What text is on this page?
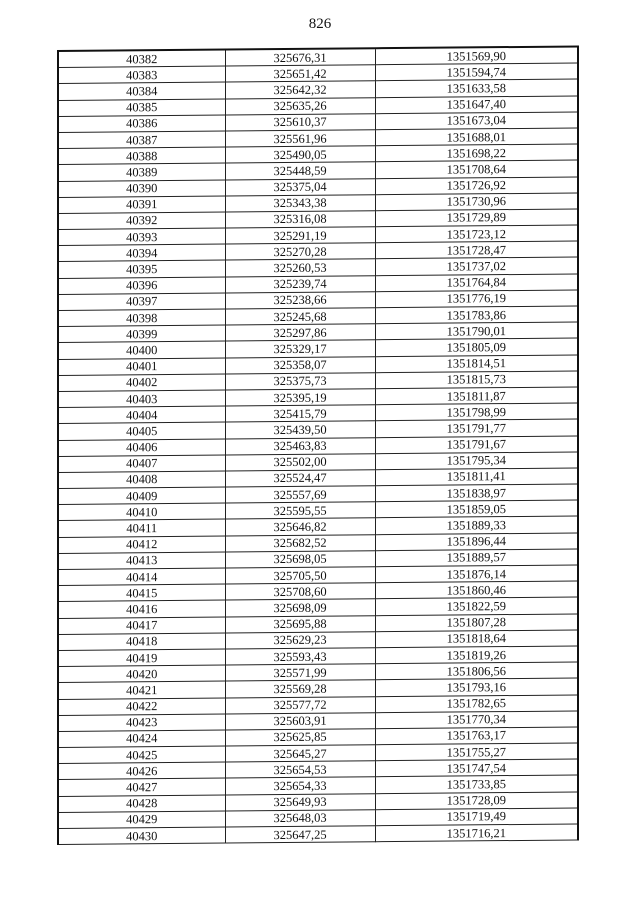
826
40382	325676,31	1351569,90
40383	325651,42	1351594,74
40384	325642,32	1351633,58
40385	325635,26	1351647,40
40386	325610,37	1351673,04
40387	325561,96	1351688,01
40388	325490,05	1351698,22
40389	325448,59	1351708,64
40390	325375,04	1351726,92
40391	325343,38	1351730,96
40392	325316,08	1351729,89
40393	325291,19	1351723,12
40394	325270,28	1351728,47
40395	325260,53	1351737,02
40396	325239,74	1351764,84
40397	325238,66	1351776,19
40398	325245,68	1351783,86
40399	325297,86	1351790,01
40400	325329,17	1351805,09
40401	325358,07	1351814,51
40402	325375,73	1351815,73
40403	325395,19	1351811,87
40404	325415,79	1351798,99
40405	325439,50	1351791,77
40406	325463,83	1351791,67
40407	325502,00	1351795,34
40408	325524,47	1351811,41
40409	325557,69	1351838,97
40410	325595,55	1351859,05
40411	325646,82	1351889,33
40412	325682,52	1351896,44
40413	325698,05	1351889,57
40414	325705,50	1351876,14
40415	325708,60	1351860,46
40416	325698,09	1351822,59
40417	325695,88	1351807,28
40418	325629,23	1351818,64
40419	325593,43	1351819,26
40420	325571,99	1351806,56
40421	325569,28	1351793,16
40422	325577,72	1351782,65
40423	325603,91	1351770,34
40424	325625,85	1351763,17
40425	325645,27	1351755,27
40426	325654,53	1351747,54
40427	325654,33	1351733,85
40428	325649,93	1351728,09
40429	325648,03	1351719,49
40430	325647,25	1351716,21
